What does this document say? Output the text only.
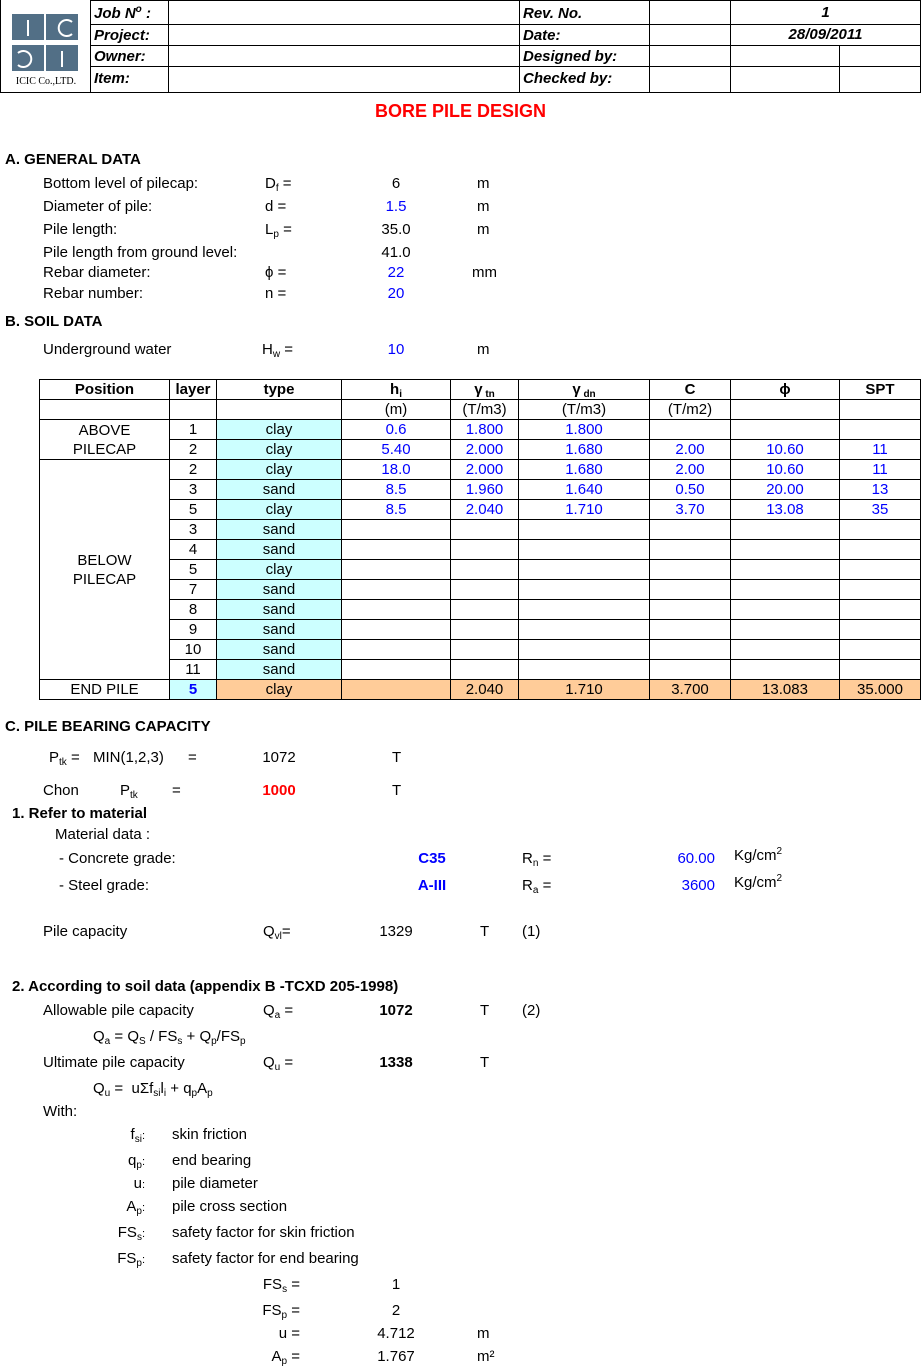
ICIC Co.,LTD.
Job $N^o$ :
Project:
Owner:
Item:
Rev. No.	1
Date:	28/09/2011
Designed by:
Checked by:
BORE PILE DESIGN
A. GENERAL DATA
Bottom level of pilecap:	$D_f$ =	6	m
Diameter of pile:	d =	1.5	m
Pile length:	$L_p$ =	35.0	m
Pile length from ground level:	41.0
Rebar diameter:	ϕ =	22	mm
Rebar number:	n =	20
B. SOIL DATA
Underground water	$H_w$ =	10	m
Position	layer	type	$h_i$	γ $_{tn}$	γ $_{dn}$	C	ϕ	SPT
			(m)	(T/m3)	(T/m3)	(T/m2)		

ABOVE
PILECAP	1	clay	0.6	1.800	1.800			
	2	clay	5.40	2.000	1.680	2.00	10.60	11

BELOW
PILECAP	2	clay	18.0	2.000	1.680	2.00	10.60	11
	3	sand	8.5	1.960	1.640	0.50	20.00	13
	5	clay	8.5	2.040	1.710	3.70	13.08	35
	3	sand						
	4	sand						
	5	clay						
	7	sand						
	8	sand						
	9	sand						
	10	sand						
	11	sand						
END PILE	5	clay		2.040	1.710	3.700	13.083	35.000
C. PILE BEARING CAPACITY
$P_{tk} = MIN(1,2,3)$ =	1072	T
Chon	$P_{tk}$ =	1000	T
1. Refer to material
Material data :
- Concrete grade:	C35	$R_n$ =	60.00 $Kg/cm^2$
- Steel grade:	A-III	$R_a$ =	3600 $Kg/cm^2$
Pile capacity	$Q_{vl}=$	1329	T (1)
2. According to soil data (appendix B -TCXD 205-1998)
Allowable pile capacity	$Q_a$ =	1072	T (2)
$Q_a = Q_S / FS_s + Q_p/FS_p$
Ultimate pile capacity	$Q_u$ =	1338	T
$Q_u = u\Sigma f_{si}l_i + q_pA_p$
With:
$f_{si}$: skin friction
$q_p$: end bearing
u: pile diameter
$A_p$: pile cross section
$FS_s$: safety factor for skin friction
$FS_p$: safety factor for end bearing
$FS_s$ =	1
$FS_p$ =	2
u =	4.712	m
$A_p$ =	1.767	m²
